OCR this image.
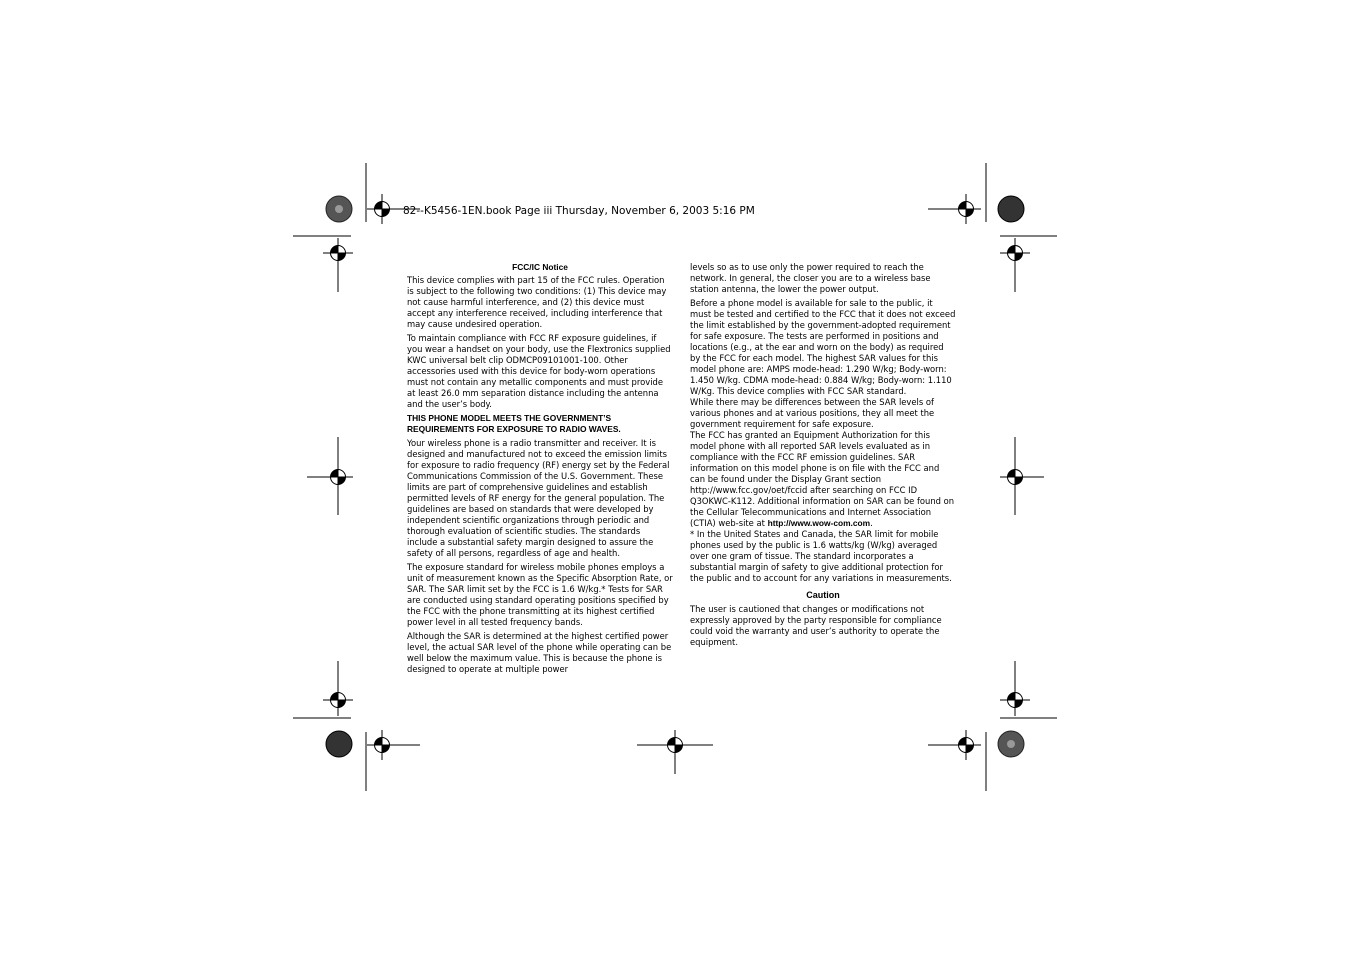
82--K5456-1EN.book Page iii Thursday, November 6, 2003 5:16 PM
FCC/IC Notice

This device complies with part 15 of the FCC rules. Operation is subject to the following two conditions: (1) This device may not cause harmful interference, and (2) this device must accept any interference received, including interference that may cause undesired operation.

To maintain compliance with FCC RF exposure guidelines, if you wear a handset on your body, use the Flextronics supplied KWC universal belt clip ODMCP09101001-100. Other accessories used with this device for body-worn operations must not contain any metallic components and must provide at least 26.0 mm separation distance including the antenna and the user’s body.

THIS PHONE MODEL MEETS THE GOVERNMENT’S REQUIREMENTS FOR EXPOSURE TO RADIO WAVES.

Your wireless phone is a radio transmitter and receiver. It is designed and manufactured not to exceed the emission limits for exposure to radio frequency (RF) energy set by the Federal Communications Commission of the U.S. Government. These limits are part of comprehensive guidelines and establish permitted levels of RF energy for the general population. The guidelines are based on standards that were developed by independent scientific organizations through periodic and thorough evaluation of scientific studies. The standards include a substantial safety margin designed to assure the safety of all persons, regardless of age and health.

The exposure standard for wireless mobile phones employs a unit of measurement known as the Specific Absorption Rate, or SAR. The SAR limit set by the FCC is 1.6 W/kg.* Tests for SAR are conducted using standard operating positions specified by the FCC with the phone transmitting at its highest certified power level in all tested frequency bands.

Although the SAR is determined at the highest certified power level, the actual SAR level of the phone while operating can be well below the maximum value. This is because the phone is designed to operate at multiple power

levels so as to use only the power required to reach the network. In general, the closer you are to a wireless base station antenna, the lower the power output.

Before a phone model is available for sale to the public, it must be tested and certified to the FCC that it does not exceed the limit established by the government-adopted requirement for safe exposure. The tests are performed in positions and locations (e.g., at the ear and worn on the body) as required by the FCC for each model. The highest SAR values for this model phone are: AMPS mode-head: 1.290 W/kg; Body-worn: 1.450 W/kg. CDMA mode-head: 0.884 W/kg; Body-worn: 1.110 W/Kg. This device complies with FCC SAR standard.

While there may be differences between the SAR levels of various phones and at various positions, they all meet the government requirement for safe exposure.

The FCC has granted an Equipment Authorization for this model phone with all reported SAR levels evaluated as in compliance with the FCC RF emission guidelines. SAR information on this model phone is on file with the FCC and can be found under the Display Grant section http://www.fcc.gov/oet/fccid after searching on FCC ID Q3OKWC-K112. Additional information on SAR can be found on the Cellular Telecommunications and Internet Association (CTIA) web-site at http://www.wow-com.com.

* In the United States and Canada, the SAR limit for mobile phones used by the public is 1.6 watts/kg (W/kg) averaged over one gram of tissue. The standard incorporates a substantial margin of safety to give additional protection for the public and to account for any variations in measurements.

Caution

The user is cautioned that changes or modifications not expressly approved by the party responsible for compliance could void the warranty and user’s authority to operate the equipment.
